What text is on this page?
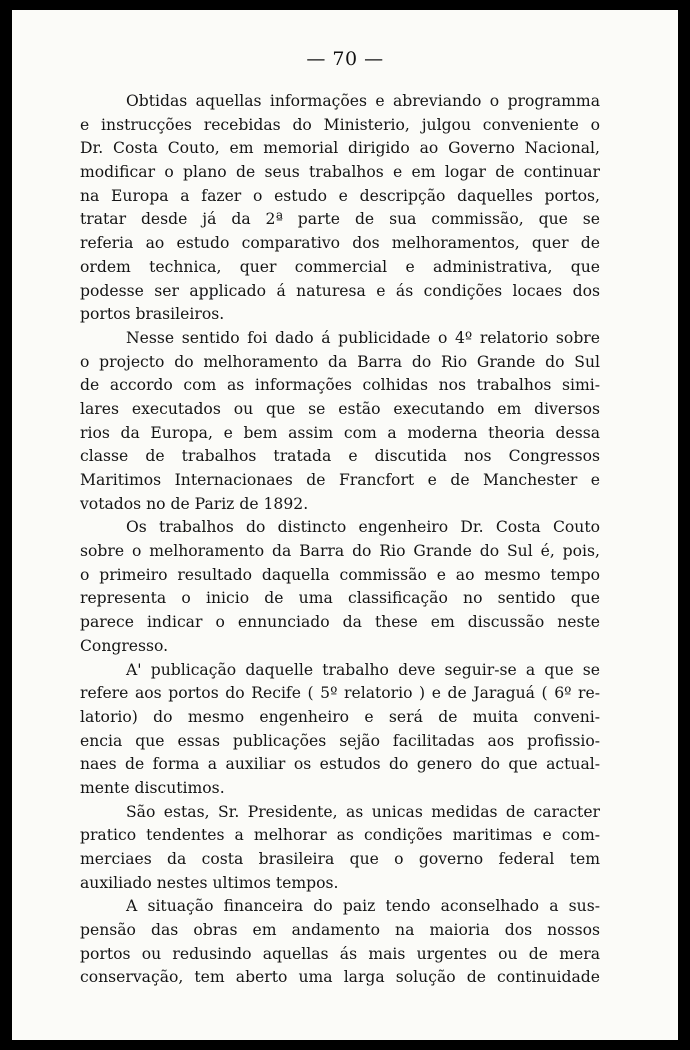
— 70 —
Obtidas aquellas informações e abreviando o programma
e instrucções recebidas do Ministerio, julgou conveniente o
Dr. Costa Couto, em memorial dirigido ao Governo Nacional,
modificar o plano de seus trabalhos e em logar de continuar
na Europa a fazer o estudo e descripção daquelles portos,
tratar desde já da 2ª parte de sua commissão, que se
referia ao estudo comparativo dos melhoramentos, quer de
ordem technica, quer commercial e administrativa, que
podesse ser applicado á naturesa e ás condições locaes dos
portos brasileiros.
Nesse sentido foi dado á publicidade o 4º relatorio sobre
o projecto do melhoramento da Barra do Rio Grande do Sul
de accordo com as informações colhidas nos trabalhos simi-
lares executados ou que se estão executando em diversos
rios da Europa, e bem assim com a moderna theoria dessa
classe de trabalhos tratada e discutida nos Congressos
Maritimos Internacionaes de Francfort e de Manchester e
votados no de Pariz de 1892.
Os trabalhos do distincto engenheiro Dr. Costa Couto
sobre o melhoramento da Barra do Rio Grande do Sul é, pois,
o primeiro resultado daquella commissão e ao mesmo tempo
representa o inicio de uma classificação no sentido que
parece indicar o ennunciado da these em discussão neste
Congresso.
A' publicação daquelle trabalho deve seguir-se a que se
refere aos portos do Recife ( 5º relatorio ) e de Jaraguá ( 6º re-
latorio) do mesmo engenheiro e será de muita conveni-
encia que essas publicações sejão facilitadas aos profissio-
naes de forma a auxiliar os estudos do genero do que actual-
mente discutimos.
São estas, Sr. Presidente, as unicas medidas de caracter
pratico tendentes a melhorar as condições maritimas e com-
merciaes da costa brasileira que o governo federal tem
auxiliado nestes ultimos tempos.
A situação financeira do paiz tendo aconselhado a sus-
pensão das obras em andamento na maioria dos nossos
portos ou redusindo aquellas ás mais urgentes ou de mera
conservação, tem aberto uma larga solução de continuidade
